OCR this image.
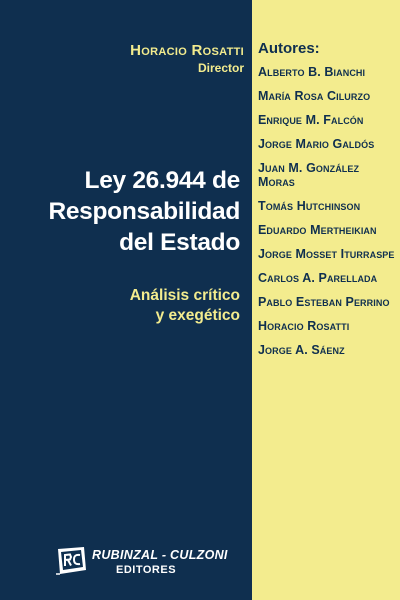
Horacio Rosatti
Director
Ley 26.944 de
Responsabilidad
del Estado
Análisis crítico
y exegético
Autores:
Alberto B. Bianchi
María Rosa Cilurzo
Enrique M. Falcón
Jorge Mario Galdós
Juan M. González Moras
Tomás Hutchinson
Eduardo Mertheikian
Jorge Mosset Iturraspe
Carlos A. Parellada
Pablo Esteban Perrino
Horacio Rosatti
Jorge A. Sáenz
RUBINZAL - CULZONI
EDITORES
